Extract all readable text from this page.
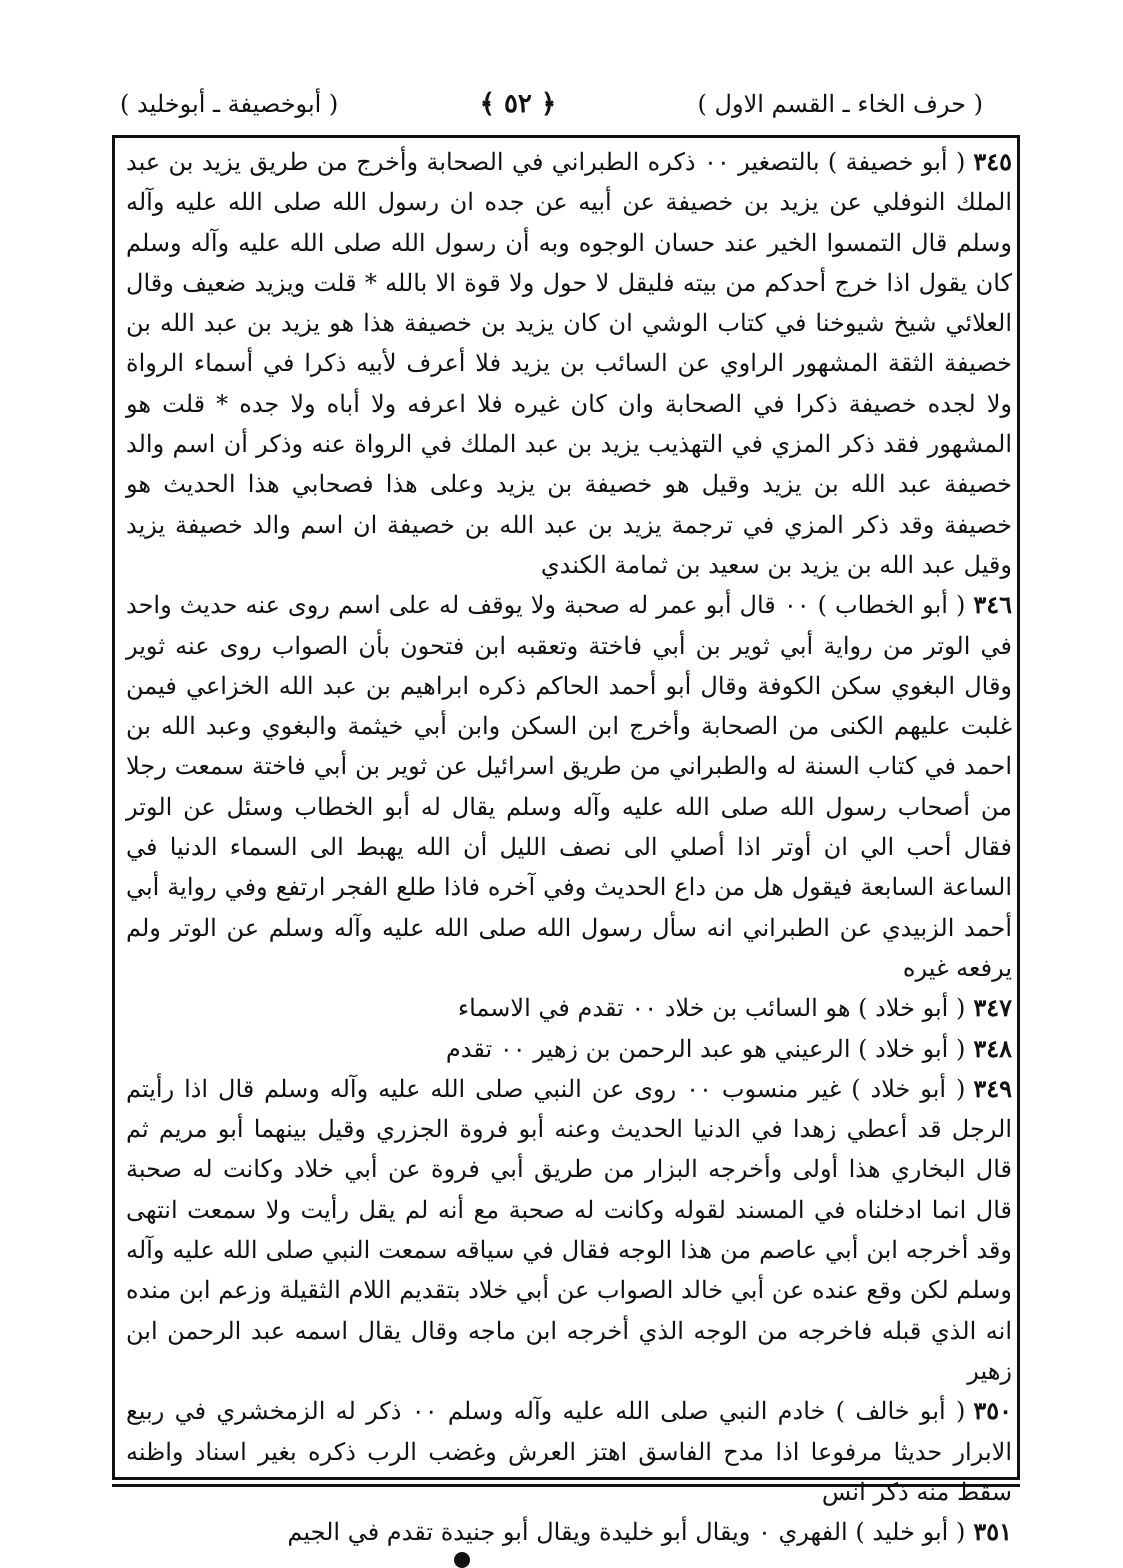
( حرف الخاء ـ القسم الاول )
﴿ ٥٢ ﴾
( أبوخصيفة ـ أبوخليد )

٣٤٥( أبو خصيفة ) بالتصغير ٠٠ ذكره الطبراني في الصحابة وأخرج من طريق يزيد بن عبد الملك النوفلي عن يزيد بن خصيفة عن أبيه عن جده ان رسول الله صلى الله عليه وآله وسلم قال التمسوا الخير عند حسان الوجوه وبه أن رسول الله صلى الله عليه وآله وسلم كان يقول اذا خرج أحدكم من بيته فليقل لا حول ولا قوة الا بالله * قلت ويزيد ضعيف وقال العلائي شيخ شيوخنا في كتاب الوشي ان كان يزيد بن خصيفة هذا هو يزيد بن عبد الله بن خصيفة الثقة المشهور الراوي عن السائب بن يزيد فلا أعرف لأبيه ذكرا في أسماء الرواة ولا لجده خصيفة ذكرا في الصحابة وان كان غيره فلا اعرفه ولا أباه ولا جده * قلت هو المشهور فقد ذكر المزي في التهذيب يزيد بن عبد الملك في الرواة عنه وذكر أن اسم والد خصيفة عبد الله بن يزيد وقيل هو خصيفة بن يزيد وعلى هذا فصحابي هذا الحديث هو خصيفة وقد ذكر المزي في ترجمة يزيد بن عبد الله بن خصيفة ان اسم والد خصيفة يزيد وقيل عبد الله بن يزيد بن سعيد بن ثمامة الكندي

٣٤٦( أبو الخطاب ) ٠٠ قال أبو عمر له صحبة ولا يوقف له على اسم روى عنه حديث واحد في الوتر من رواية أبي ثوير بن أبي فاختة وتعقبه ابن فتحون بأن الصواب روى عنه ثوير وقال البغوي سكن الكوفة وقال أبو أحمد الحاكم ذكره ابراهيم بن عبد الله الخزاعي فيمن غلبت عليهم الكنى من الصحابة وأخرج ابن السكن وابن أبي خيثمة والبغوي وعبد الله بن احمد في كتاب السنة له والطبراني من طريق اسرائيل عن ثوير بن أبي فاختة سمعت رجلا من أصحاب رسول الله صلى الله عليه وآله وسلم يقال له أبو الخطاب وسئل عن الوتر فقال أحب الي ان أوتر اذا أصلي الى نصف الليل أن الله يهبط الى السماء الدنيا في الساعة السابعة فيقول هل من داع الحديث وفي آخره فاذا طلع الفجر ارتفع وفي رواية أبي أحمد الزبيدي عن الطبراني انه سأل رسول الله صلى الله عليه وآله وسلم عن الوتر ولم يرفعه غيره

٣٤٧( أبو خلاد ) هو السائب بن خلاد ٠٠ تقدم في الاسماء

٣٤٨( أبو خلاد ) الرعيني هو عبد الرحمن بن زهير ٠٠ تقدم

٣٤٩( أبو خلاد ) غير منسوب ٠٠ روى عن النبي صلى الله عليه وآله وسلم قال اذا رأيتم الرجل قد أعطي زهدا في الدنيا الحديث وعنه أبو فروة الجزري وقيل بينهما أبو مريم ثم قال البخاري هذا أولى وأخرجه البزار من طريق أبي فروة عن أبي خلاد وكانت له صحبة قال انما ادخلناه في المسند لقوله وكانت له صحبة مع أنه لم يقل رأيت ولا سمعت انتهى وقد أخرجه ابن أبي عاصم من هذا الوجه فقال في سياقه سمعت النبي صلى الله عليه وآله وسلم لكن وقع عنده عن أبي خالد الصواب عن أبي خلاد بتقديم اللام الثقيلة وزعم ابن منده انه الذي قبله فاخرجه من الوجه الذي أخرجه ابن ماجه وقال يقال اسمه عبد الرحمن ابن زهير

٣٥٠( أبو خالف ) خادم النبي صلى الله عليه وآله وسلم ٠٠ ذكر له الزمخشري في ربيع الابرار حديثا مرفوعا اذا مدح الفاسق اهتز العرش وغضب الرب ذكره بغير اسناد واظنه سقط منه ذكر انس

٣٥١( أبو خليد ) الفهري ٠ ويقال أبو خليدة ويقال أبو جنيدة تقدم في الجيم
